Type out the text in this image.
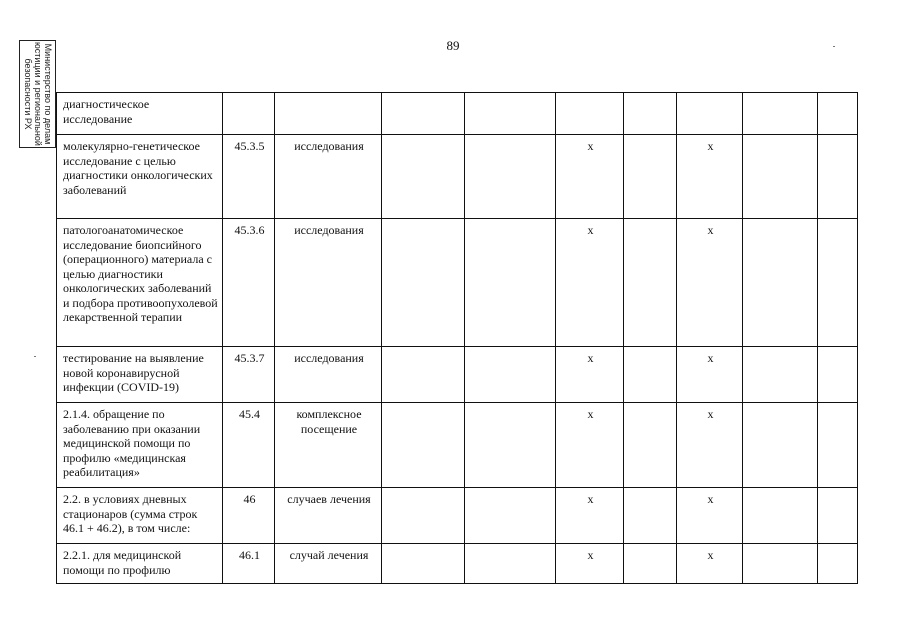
89
Министерство по делам
юстиции и региональной
безопасности РХ	диагностическое исследование										
молекулярно-генетическое исследование с целью диагностики онкологических заболеваний	45.3.5	исследования			х		х			
патологоанатомическое исследование биопсийного (операционного) материала с целью диагностики онкологических заболеваний и подбора противоопухолевой лекарственной терапии	45.3.6	исследования			х		х			
тестирование на выявление новой коронавирусной инфекции (COVID-19)	45.3.7	исследования			х		х			
2.1.4. обращение по заболеванию при оказании медицинской помощи по профилю «медицинская реабилитация»	45.4	комплексное посещение			х		х			
2.2. в условиях дневных стационаров (сумма строк 46.1 + 46.2), в том числе:	46	случаев лечения			х		х			
2.2.1. для медицинской помощи по профилю	46.1	случай лечения			х		х			
